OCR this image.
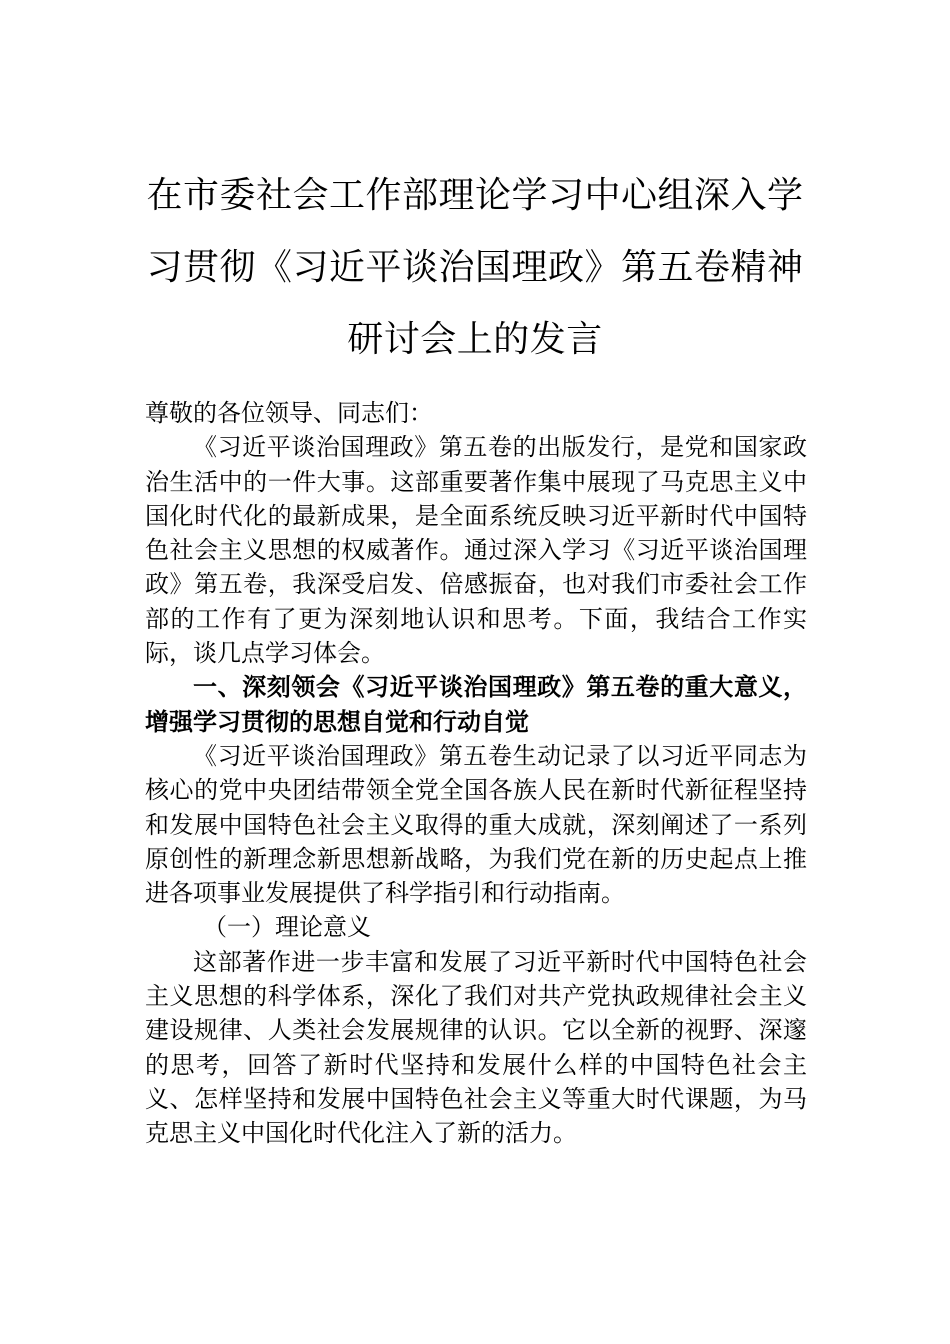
在市委社会工作部理论学习中心组深入学习贯彻《习近平谈治国理政》第五卷精神研讨会上的发言

尊敬的各位领导、同志们：

《习近平谈治国理政》第五卷的出版发行，是党和国家政治生活中的一件大事。这部重要著作集中展现了马克思主义中国化时代化的最新成果，是全面系统反映习近平新时代中国特色社会主义思想的权威著作。通过深入学习《习近平谈治国理政》第五卷，我深受启发、倍感振奋，也对我们市委社会工作部的工作有了更为深刻地认识和思考。下面，我结合工作实际，谈几点学习体会。

一、深刻领会《习近平谈治国理政》第五卷的重大意义，增强学习贯彻的思想自觉和行动自觉

《习近平谈治国理政》第五卷生动记录了以习近平同志为核心的党中央团结带领全党全国各族人民在新时代新征程坚持和发展中国特色社会主义取得的重大成就，深刻阐述了一系列原创性的新理念新思想新战略，为我们党在新的历史起点上推进各项事业发展提供了科学指引和行动指南。

（一）理论意义

这部著作进一步丰富和发展了习近平新时代中国特色社会主义思想的科学体系，深化了我们对共产党执政规律社会主义建设规律、人类社会发展规律的认识。它以全新的视野、深邃的思考，回答了新时代坚持和发展什么样的中国特色社会主义、怎样坚持和发展中国特色社会主义等重大时代课题，为马克思主义中国化时代化注入了新的活力。
